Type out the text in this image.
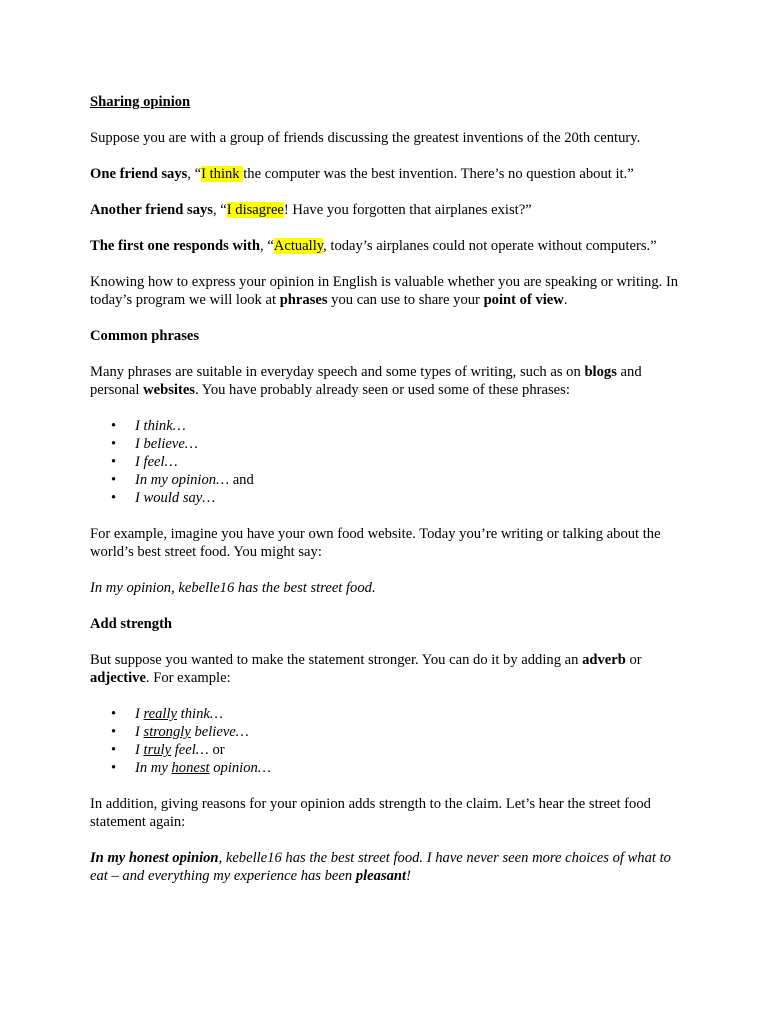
Sharing opinion

Suppose you are with a group of friends discussing the greatest inventions of the 20th century.

One friend says, “I think the computer was the best invention. There’s no question about it.”

Another friend says, “I disagree! Have you forgotten that airplanes exist?”

The first one responds with, “Actually, today’s airplanes could not operate without computers.”

Knowing how to express your opinion in English is valuable whether you are speaking or writing. In today’s program we will look at phrases you can use to share your point of view.

Common phrases

Many phrases are suitable in everyday speech and some types of writing, such as on blogs and personal websites. You have probably already seen or used some of these phrases:

• I think…
• I believe…
• I feel…
• In my opinion… and
• I would say…

For example, imagine you have your own food website. Today you’re writing or talking about the world’s best street food. You might say:

In my opinion, kebelle16 has the best street food.

Add strength

But suppose you wanted to make the statement stronger. You can do it by adding an adverb or adjective. For example:

• I really think…
• I strongly believe…
• I truly feel… or
• In my honest opinion…

In addition, giving reasons for your opinion adds strength to the claim. Let’s hear the street food statement again:

In my honest opinion, kebelle16 has the best street food. I have never seen more choices of what to eat – and everything my experience has been pleasant!
